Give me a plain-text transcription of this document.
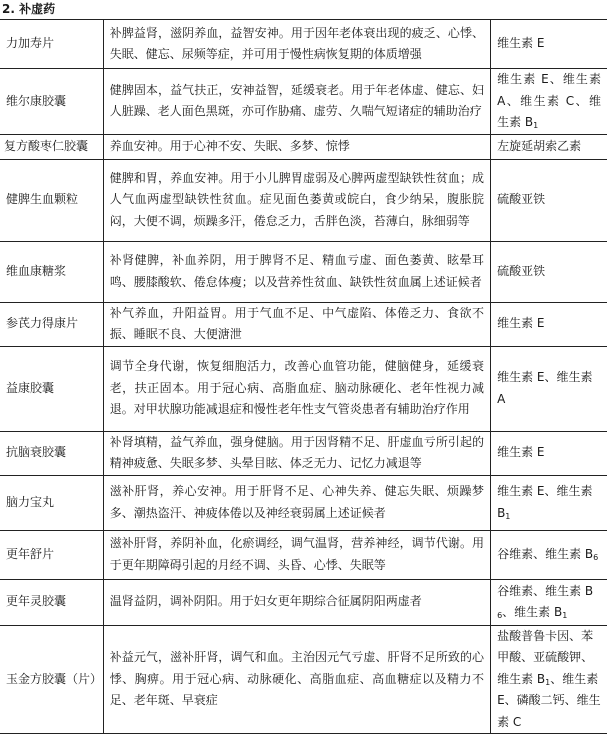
2. 补虚药
力加寿片	补脾益肾，滋阴养血，益智安神。用于因年老体衰出现的疲乏、心悸、失眠、健忘、尿频等症，并可用于慢性病恢复期的体质增强	维生素 E
维尔康胶囊	健脾固本，益气扶正，安神益智，延缓衰老。用于年老体虚、健忘、妇人脏躁、老人面色黑斑，亦可作胁痛、虚劳、久喘气短诸症的辅助治疗	维生素 E、维生素 A、维生素 C、维生素 $B_1$
复方酸枣仁胶囊	养血安神。用于心神不安、失眠、多梦、惊悸	左旋延胡索乙素
健脾生血颗粒	健脾和胃，养血安神。用于小儿脾胃虚弱及心脾两虚型缺铁性贫血；成人气血两虚型缺铁性贫血。症见面色萎黄或皖白，食少纳呆，腹胀脘闷，大便不调，烦躁多汗，倦怠乏力，舌胖色淡，苔薄白，脉细弱等	硫酸亚铁
维血康糖浆	补肾健脾，补血养阴，用于脾肾不足、精血亏虚、面色萎黄、眩晕耳鸣、腰膝酸软、倦怠体瘦；以及营养性贫血、缺铁性贫血属上述证候者	硫酸亚铁
参芪力得康片	补气养血，升阳益胃。用于气血不足、中气虚陷、体倦乏力、食欲不振、睡眠不良、大便溏泄	维生素 E
益康胶囊	调节全身代谢，恢复细胞活力，改善心血管功能，健脑健身，延缓衰老，扶正固本。用于冠心病、高脂血症、脑动脉硬化、老年性视力减退。对甲状腺功能减退症和慢性老年性支气管炎患者有辅助治疗作用	维生素 E、维生素 A
抗脑衰胶囊	补肾填精，益气养血，强身健脑。用于因肾精不足、肝虚血亏所引起的精神疲惫、失眠多梦、头晕目眩、体乏无力、记忆力减退等	维生素 E
脑力宝丸	滋补肝肾，养心安神。用于肝肾不足、心神失养、健忘失眠、烦躁梦多、潮热盗汗、神疲体倦以及神经衰弱属上述证候者	维生素 E、维生素 $B_1$
更年舒片	滋补肝肾，养阴补血，化瘀调经，调气温肾，营养神经，调节代谢。用于更年期障碍引起的月经不调、头昏、心悸、失眠等	谷维素、维生素 $B_6$
更年灵胶囊	温肾益阴，调补阴阳。用于妇女更年期综合征属阴阳两虚者	谷维素、维生素 $B_6$、维生素 $B_1$
玉金方胶囊（片）	补益元气，滋补肝肾，调气和血。主治因元气亏虚、肝肾不足所致的心悸、胸痹。用于冠心病、动脉硬化、高脂血症、高血糖症以及精力不足、老年斑、早衰症	盐酸普鲁卡因、苯甲酸、亚硫酸钾、维生素 $B_1$、维生素 E、磷酸二钙、维生素 C
